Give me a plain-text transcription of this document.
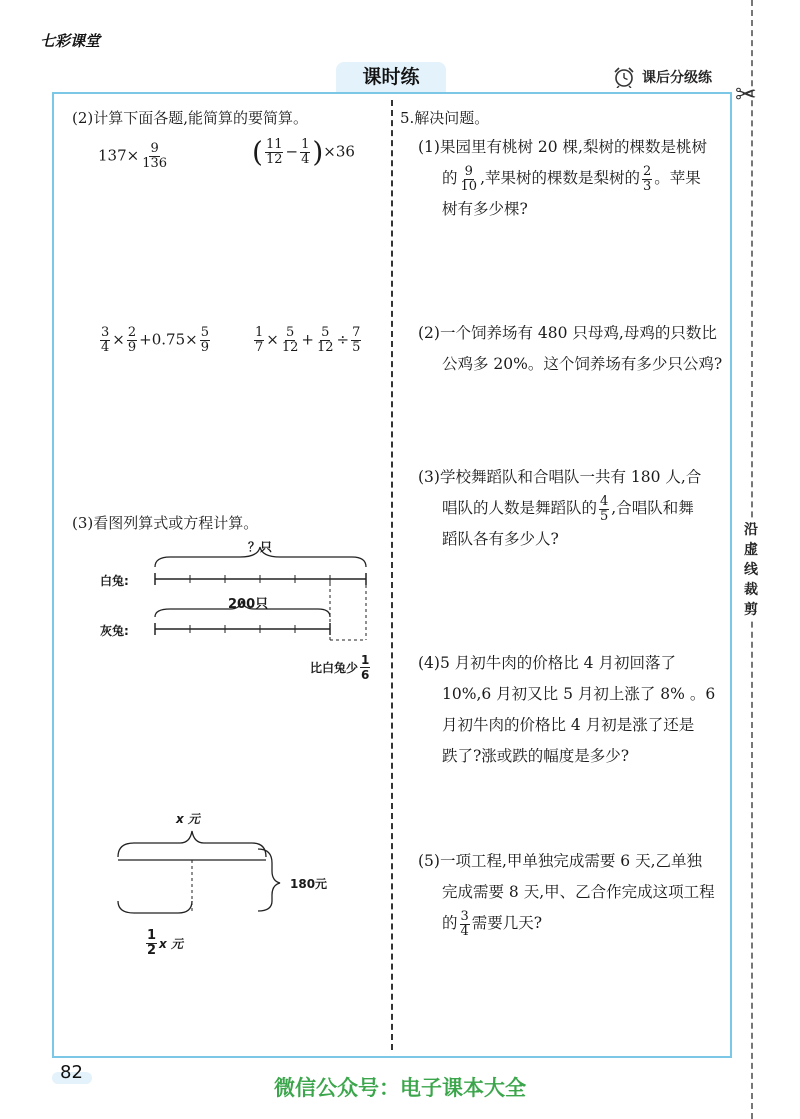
七彩课堂
课时练	课后分级练
✂
沿
虚
线
裁
剪
(2)计算下面各题,能简算的要简算。
$137\times \frac{9}{136}$	( $\frac{11}{12} - \frac{1}{4} )\times 36$
$\frac{3}{4} \times \frac{2}{9} +0.75\times \frac{5}{9}$	$\frac{1}{7} \times \frac{5}{12} + \frac{5}{12} \div \frac{7}{5}$
(3)看图列算式或方程计算。
？只
白兔:
200只
灰兔:
比白兔少 $\frac{1}{6}$
x 元
180元
$\frac{1}{2}$ x 元
5.解决问题。
(1)果园里有桃树 20 棵,梨树的棵数是桃树
的 $\frac{9}{10}$ ,苹果树的棵数是梨树的 $\frac{2}{3}$ 。苹果
树有多少棵?
(2)一个饲养场有 480 只母鸡,母鸡的只数比
公鸡多 20%。这个饲养场有多少只公鸡?
(3)学校舞蹈队和合唱队一共有 180 人,合
唱队的人数是舞蹈队的 $\frac{4}{5}$ ,合唱队和舞
蹈队各有多少人?
(4)5 月初牛肉的价格比 4 月初回落了
10%,6 月初又比 5 月初上涨了 8% 。6
月初牛肉的价格比 4 月初是涨了还是
跌了?涨或跌的幅度是多少?
(5)一项工程,甲单独完成需要 6 天,乙单独
完成需要 8 天,甲、乙合作完成这项工程
的 $\frac{3}{4}$ 需要几天?
82
微信公众号：电子课本大全
